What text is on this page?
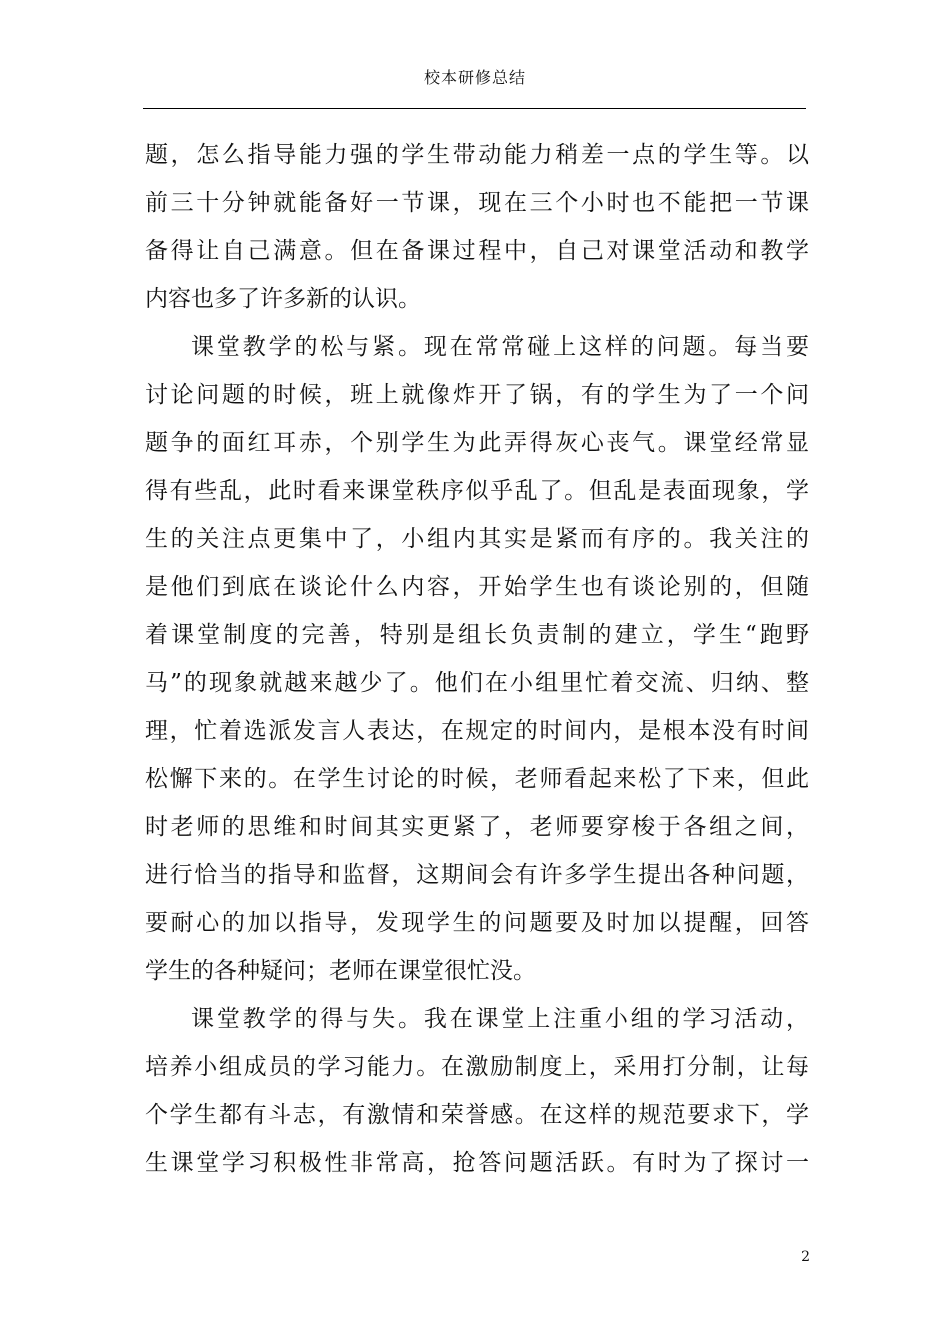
校本研修总结
题，怎么指导能力强的学生带动能力稍差一点的学生等。以
前三十分钟就能备好一节课，现在三个小时也不能把一节课
备得让自己满意。但在备课过程中，自己对课堂活动和教学
内容也多了许多新的认识。
课堂教学的松与紧。现在常常碰上这样的问题。每当要
讨论问题的时候，班上就像炸开了锅，有的学生为了一个问
题争的面红耳赤，个别学生为此弄得灰心丧气。课堂经常显
得有些乱，此时看来课堂秩序似乎乱了。但乱是表面现象，学
生的关注点更集中了，小组内其实是紧而有序的。我关注的
是他们到底在谈论什么内容，开始学生也有谈论别的，但随
着课堂制度的完善，特别是组长负责制的建立，学生“跑野
马”的现象就越来越少了。他们在小组里忙着交流、归纳、整
理，忙着选派发言人表达，在规定的时间内，是根本没有时间
松懈下来的。在学生讨论的时候，老师看起来松了下来，但此
时老师的思维和时间其实更紧了，老师要穿梭于各组之间，
进行恰当的指导和监督，这期间会有许多学生提出各种问题，
要耐心的加以指导，发现学生的问题要及时加以提醒，回答
学生的各种疑问；老师在课堂很忙没。
课堂教学的得与失。我在课堂上注重小组的学习活动，
培养小组成员的学习能力。在激励制度上，采用打分制，让每
个学生都有斗志，有激情和荣誉感。在这样的规范要求下，学
生课堂学习积极性非常高，抢答问题活跃。有时为了探讨一
2
